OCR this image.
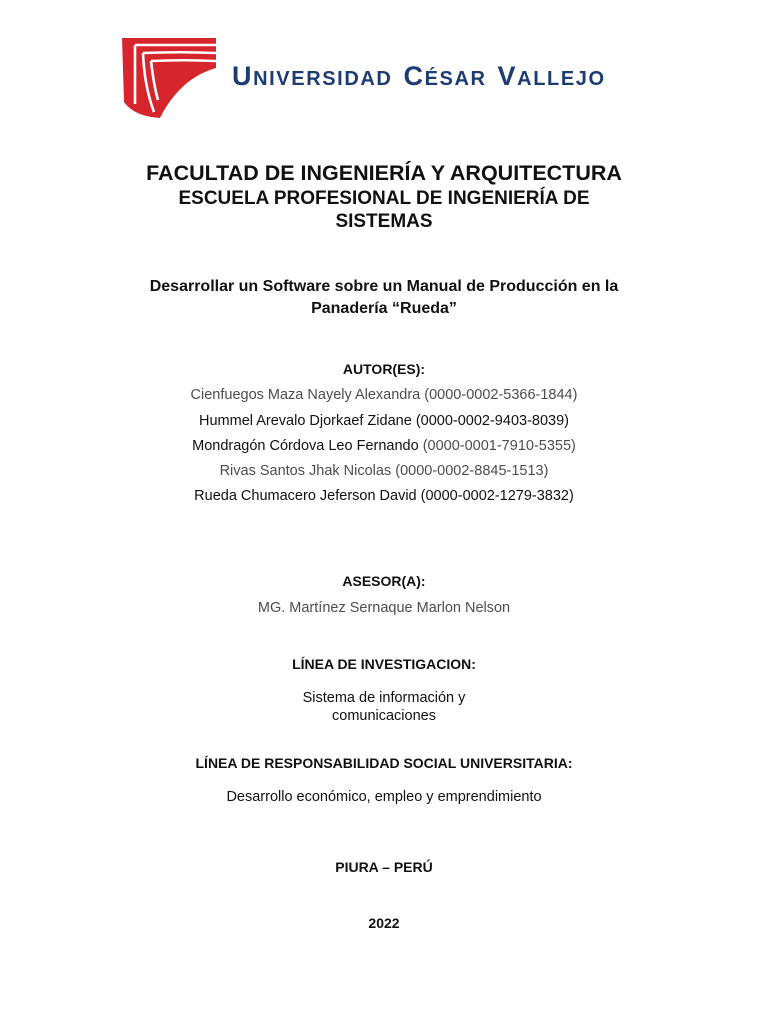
UNIVERSIDAD CÉSAR VALLEJO
FACULTAD DE INGENIERÍA Y ARQUITECTURA
ESCUELA PROFESIONAL DE INGENIERÍA DE
SISTEMAS
Desarrollar un Software sobre un Manual de Producción en la
Panadería “Rueda”
AUTOR(ES):
Cienfuegos Maza Nayely Alexandra (0000-0002-5366-1844)
Hummel Arevalo Djorkaef Zidane (0000-0002-9403-8039)
Mondragón Córdova Leo Fernando (0000-0001-7910-5355)
Rivas Santos Jhak Nicolas (0000-0002-8845-1513)
Rueda Chumacero Jeferson David (0000-0002-1279-3832)
ASESOR(A):
MG. Martínez Sernaque Marlon Nelson
LÍNEA DE INVESTIGACION:
Sistema de información y
comunicaciones
LÍNEA DE RESPONSABILIDAD SOCIAL UNIVERSITARIA:
Desarrollo económico, empleo y emprendimiento
PIURA – PERÚ
2022
